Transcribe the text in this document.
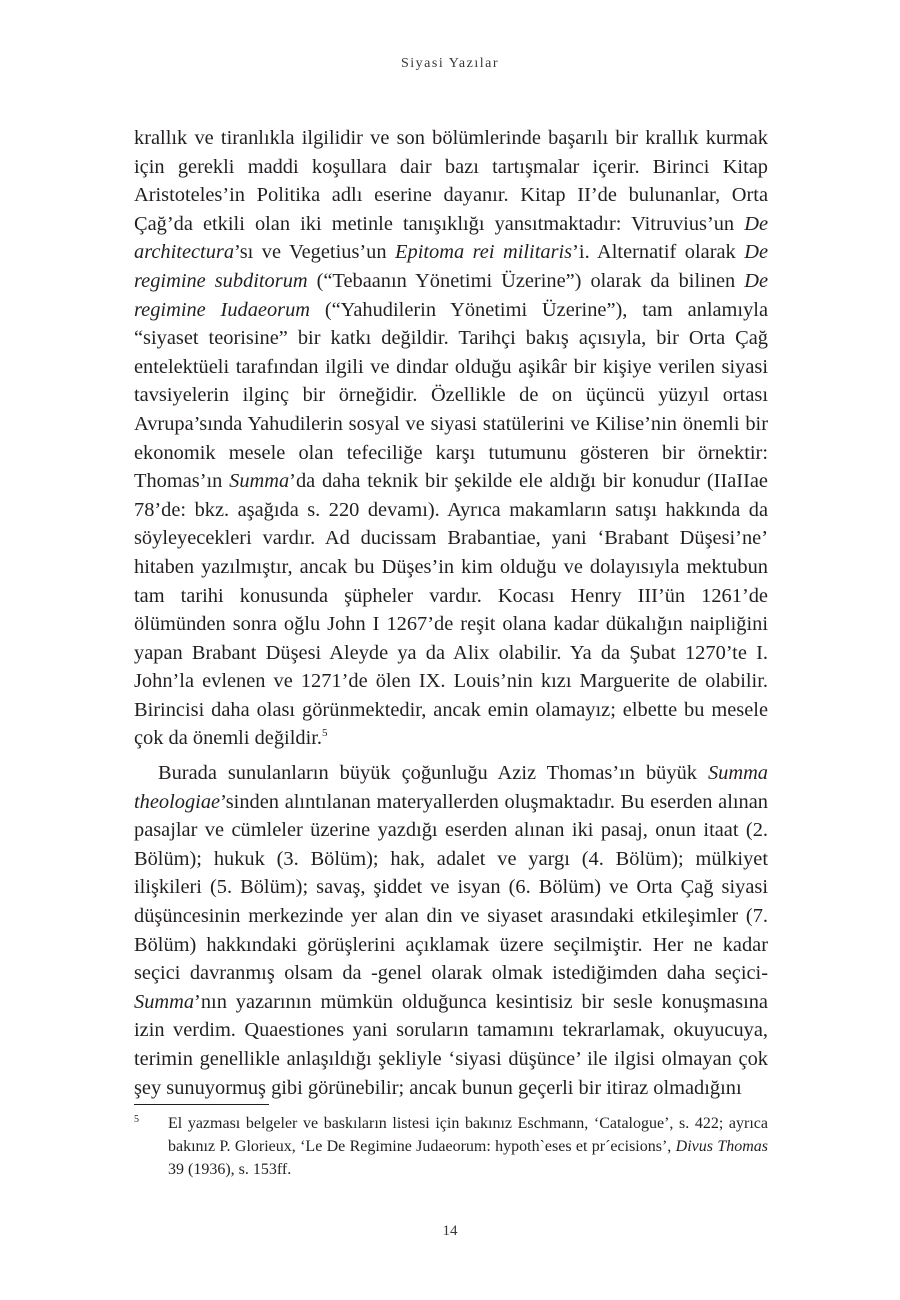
Siyasi Yazılar

krallık ve tiranlıkla ilgilidir ve son bölümlerinde başarılı bir krallık kurmak için gerekli maddi koşullara dair bazı tartışmalar içerir. Birinci Kitap Aristoteles’in Politika adlı eserine dayanır. Kitap II’de bulunanlar, Orta Çağ’da etkili olan iki metinle tanışıklığı yansıtmaktadır: Vitruvius’un De architectura’sı ve Vegetius’un Epitoma rei militaris’i. Alternatif olarak De regimine subditorum (“Tebaanın Yönetimi Üzerine”) olarak da bilinen De regimine Iudaeorum (“Yahudilerin Yönetimi Üzerine”), tam anlamıyla “siyaset teorisine” bir katkı değildir. Tarihçi bakış açısıyla, bir Orta Çağ entelektüeli tarafından ilgili ve dindar olduğu aşikâr bir kişiye verilen siyasi tavsiyelerin ilginç bir örneğidir. Özellikle de on üçüncü yüzyıl ortası Avrupa’sında Yahudilerin sosyal ve siyasi statülerini ve Kilise’nin önemli bir ekonomik mesele olan tefeciliğe karşı tutumunu gösteren bir örnektir: Thomas’ın Summa’da daha teknik bir şekilde ele aldığı bir konudur (IIaIIae 78’de: bkz. aşağıda s. 220 devamı). Ayrıca makamların satışı hakkında da söyleyecekleri vardır. Ad ducissam Brabantiae, yani ‘Brabant Düşesi’ne’ hitaben yazılmıştır, ancak bu Düşes’in kim olduğu ve dolayısıyla mektubun tam tarihi konusunda şüpheler vardır. Kocası Henry III’ün 1261’de ölümünden sonra oğlu John I 1267’de reşit olana kadar dükalığın naipliğini yapan Brabant Düşesi Aleyde ya da Alix olabilir. Ya da Şubat 1270’te I. John’la evlenen ve 1271’de ölen IX. Louis’nin kızı Marguerite de olabilir. Birincisi daha olası görünmektedir, ancak emin olamayız; elbette bu mesele çok da önemli değildir.$^5$

Burada sunulanların büyük çoğunluğu Aziz Thomas’ın büyük Summa theologiae’sinden alıntılanan materyallerden oluşmaktadır. Bu eserden alınan pasajlar ve cümleler üzerine yazdığı eserden alınan iki pasaj, onun itaat (2. Bölüm); hukuk (3. Bölüm); hak, adalet ve yargı (4. Bölüm); mülkiyet ilişkileri (5. Bölüm); savaş, şiddet ve isyan (6. Bölüm) ve Orta Çağ siyasi düşüncesinin merkezinde yer alan din ve siyaset arasındaki etkileşimler (7. Bölüm) hakkındaki görüşlerini açıklamak üzere seçilmiştir. Her ne kadar seçici davranmış olsam da -genel olarak olmak istediğimden daha seçici- Summa’nın yazarının mümkün olduğunca kesintisiz bir sesle konuşmasına izin verdim. Quaestiones yani soruların tamamını tekrarlamak, okuyucuya, terimin genellikle anlaşıldığı şekliyle ‘siyasi düşünce’ ile ilgisi olmayan çok şey sunuyormuş gibi görünebilir; ancak bunun geçerli bir itiraz olmadığını

5 El yazması belgeler ve baskıların listesi için bakınız Eschmann, ‘Catalogue’, s. 422; ayrıca bakınız P. Glorieux, ‘Le De Regimine Judaeorum: hypoth`eses et pr´ecisions’, Divus Thomas 39 (1936), s. 153ff.
14
